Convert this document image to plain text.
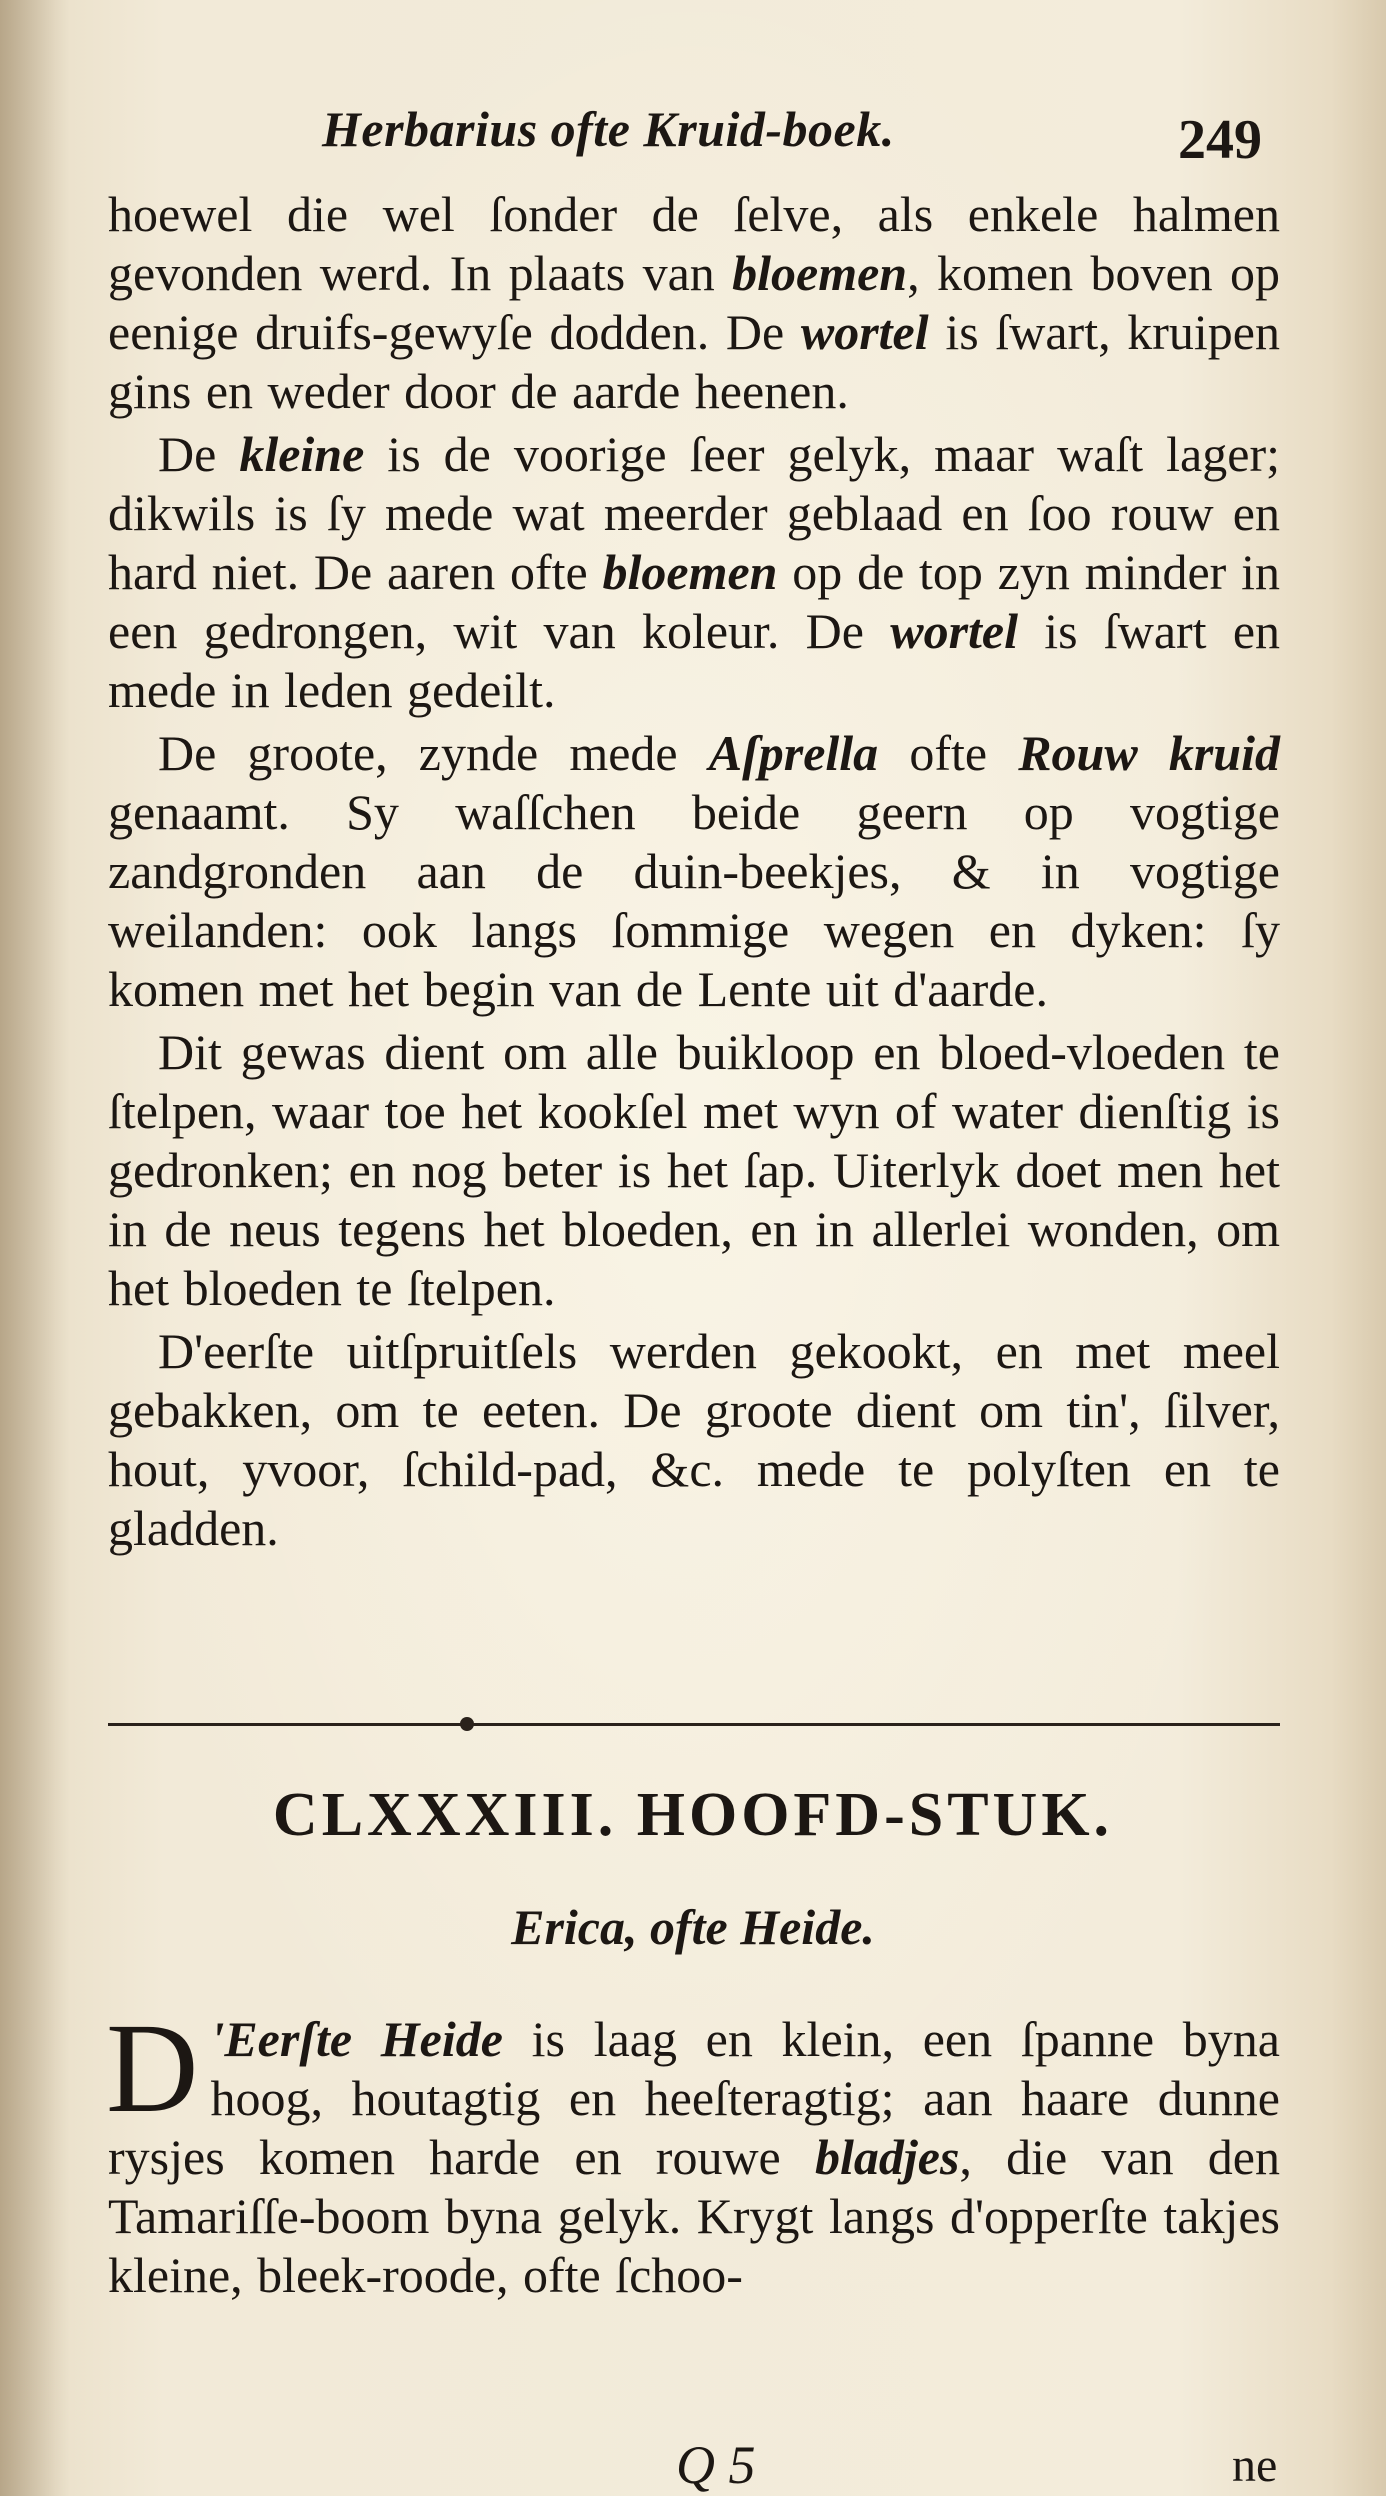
Herbarius ofte Kruid-boek.	249

hoewel die wel ſonder de ſelve, als enkele halmen gevonden werd. In plaats van bloemen, komen boven op eenige druifs-gewyſe dodden. De wortel is ſwart, kruipen gins en weder door de aarde heenen.

De kleine is de voorige ſeer gelyk, maar waſt lager; dikwils is ſy mede wat meerder geblaad en ſoo rouw en hard niet. De aaren ofte bloemen op de top zyn minder in een gedrongen, wit van koleur. De wortel is ſwart en mede in leden gedeilt.

De groote, zynde mede Aſprella ofte Rouw kruid genaamt. Sy waſſchen beide geern op vogtige zandgronden aan de duin-beekjes, & in vogtige weilanden: ook langs ſommige wegen en dyken: ſy komen met het begin van de Lente uit d'aarde.

Dit gewas dient om alle buikloop en bloed-vloeden te ſtelpen, waar toe het kookſel met wyn of water dienſtig is gedronken; en nog beter is het ſap. Uiterlyk doet men het in de neus tegens het bloeden, en in allerlei wonden, om het bloeden te ſtelpen.

D'eerſte uitſpruitſels werden gekookt, en met meel gebakken, om te eeten. De groote dient om tin', ſilver, hout, yvoor, ſchild-pad, &c. mede te polyſten en te gladden.

CLXXXIII. HOOFD-STUK.
Erica, ofte Heide.

D 'Eerſte Heide is laag en klein, een ſpanne byna hoog, houtagtig en heeſteragtig; aan haare dunne rysjes komen harde en rouwe bladjes, die van den Tamariſſe-boom byna gelyk. Krygt langs d'opperſte takjes kleine, bleek-roode, ofte ſchoo-

Q 5	ne
